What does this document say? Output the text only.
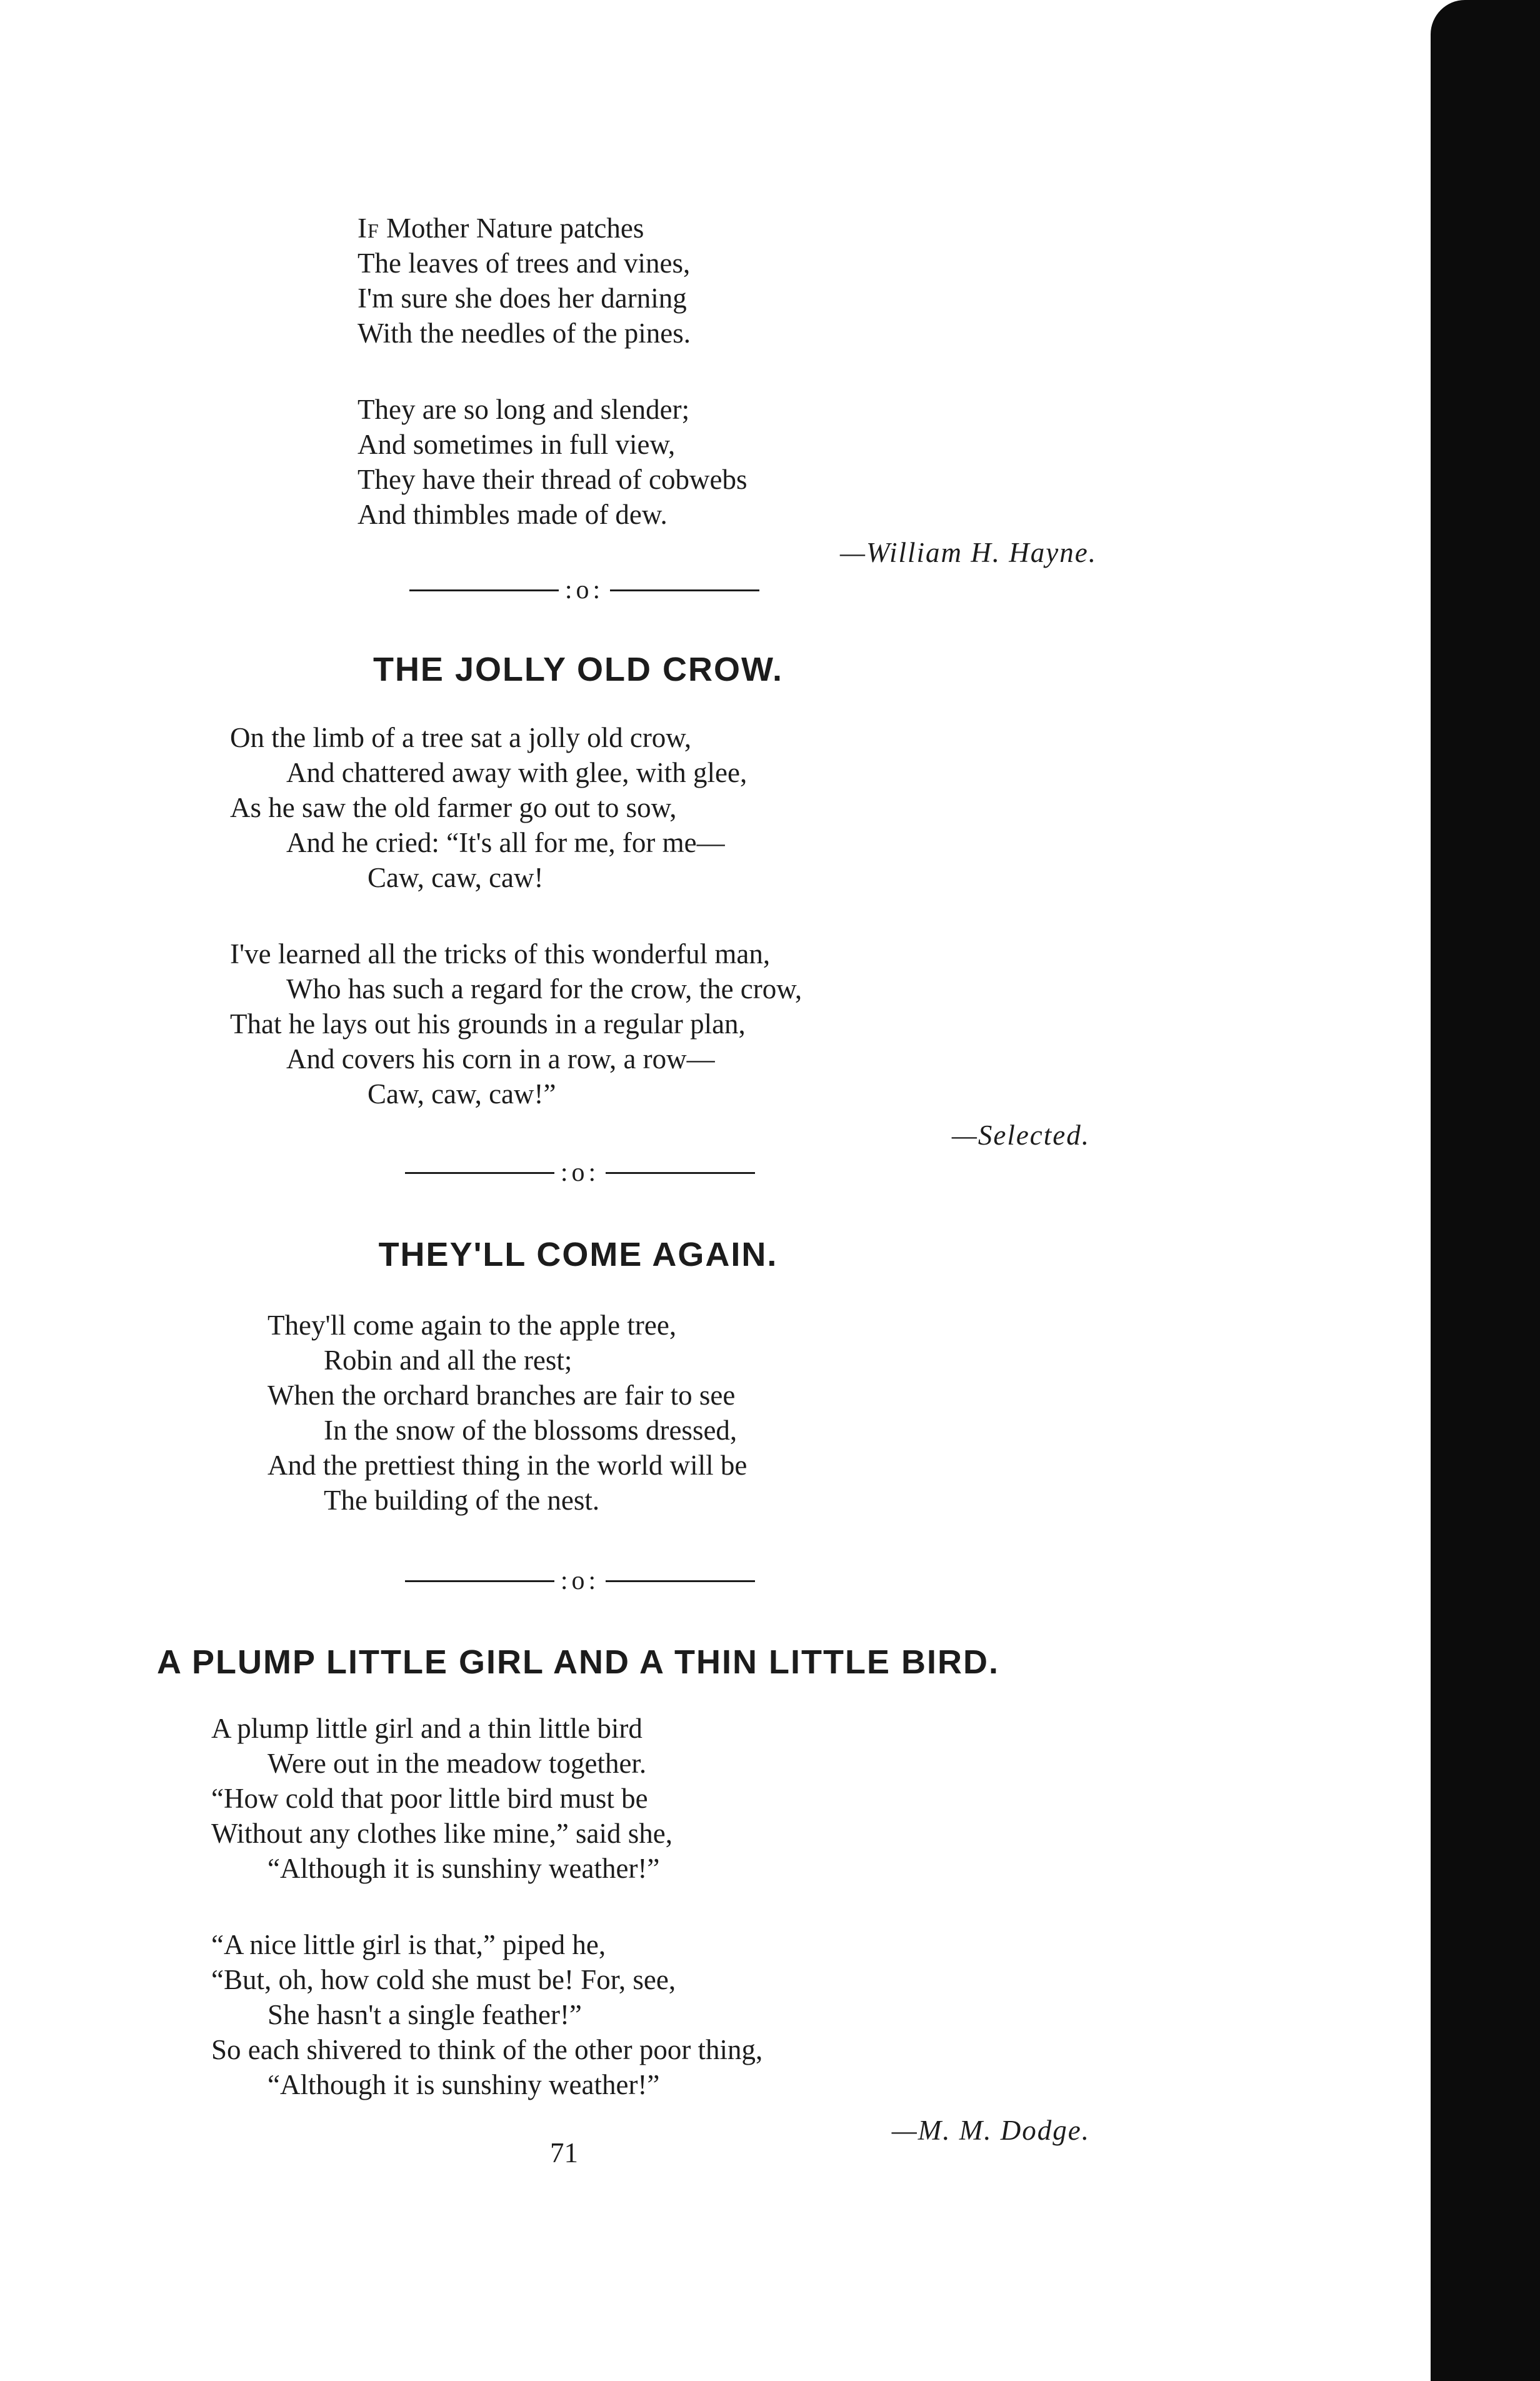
If Mother Nature patches
The leaves of trees and vines,
I'm sure she does her darning
With the needles of the pines.
They are so long and slender;
And sometimes in full view,
They have their thread of cobwebs
And thimbles made of dew.
—William H. Hayne.
:o:
THE JOLLY OLD CROW.
On the limb of a tree sat a jolly old crow,
And chattered away with glee, with glee,
As he saw the old farmer go out to sow,
And he cried: “It's all for me, for me—
Caw, caw, caw!
I've learned all the tricks of this wonderful man,
Who has such a regard for the crow, the crow,
That he lays out his grounds in a regular plan,
And covers his corn in a row, a row—
Caw, caw, caw!”
—Selected.
:o:
THEY'LL COME AGAIN.
They'll come again to the apple tree,
Robin and all the rest;
When the orchard branches are fair to see
In the snow of the blossoms dressed,
And the prettiest thing in the world will be
The building of the nest.
:o:
A PLUMP LITTLE GIRL AND A THIN LITTLE BIRD.
A plump little girl and a thin little bird
Were out in the meadow together.
“How cold that poor little bird must be
Without any clothes like mine,” said she,
“Although it is sunshiny weather!”
“A nice little girl is that,” piped he,
“But, oh, how cold she must be! For, see,
She hasn't a single feather!”
So each shivered to think of the other poor thing,
“Although it is sunshiny weather!”
—M. M. Dodge.
71
